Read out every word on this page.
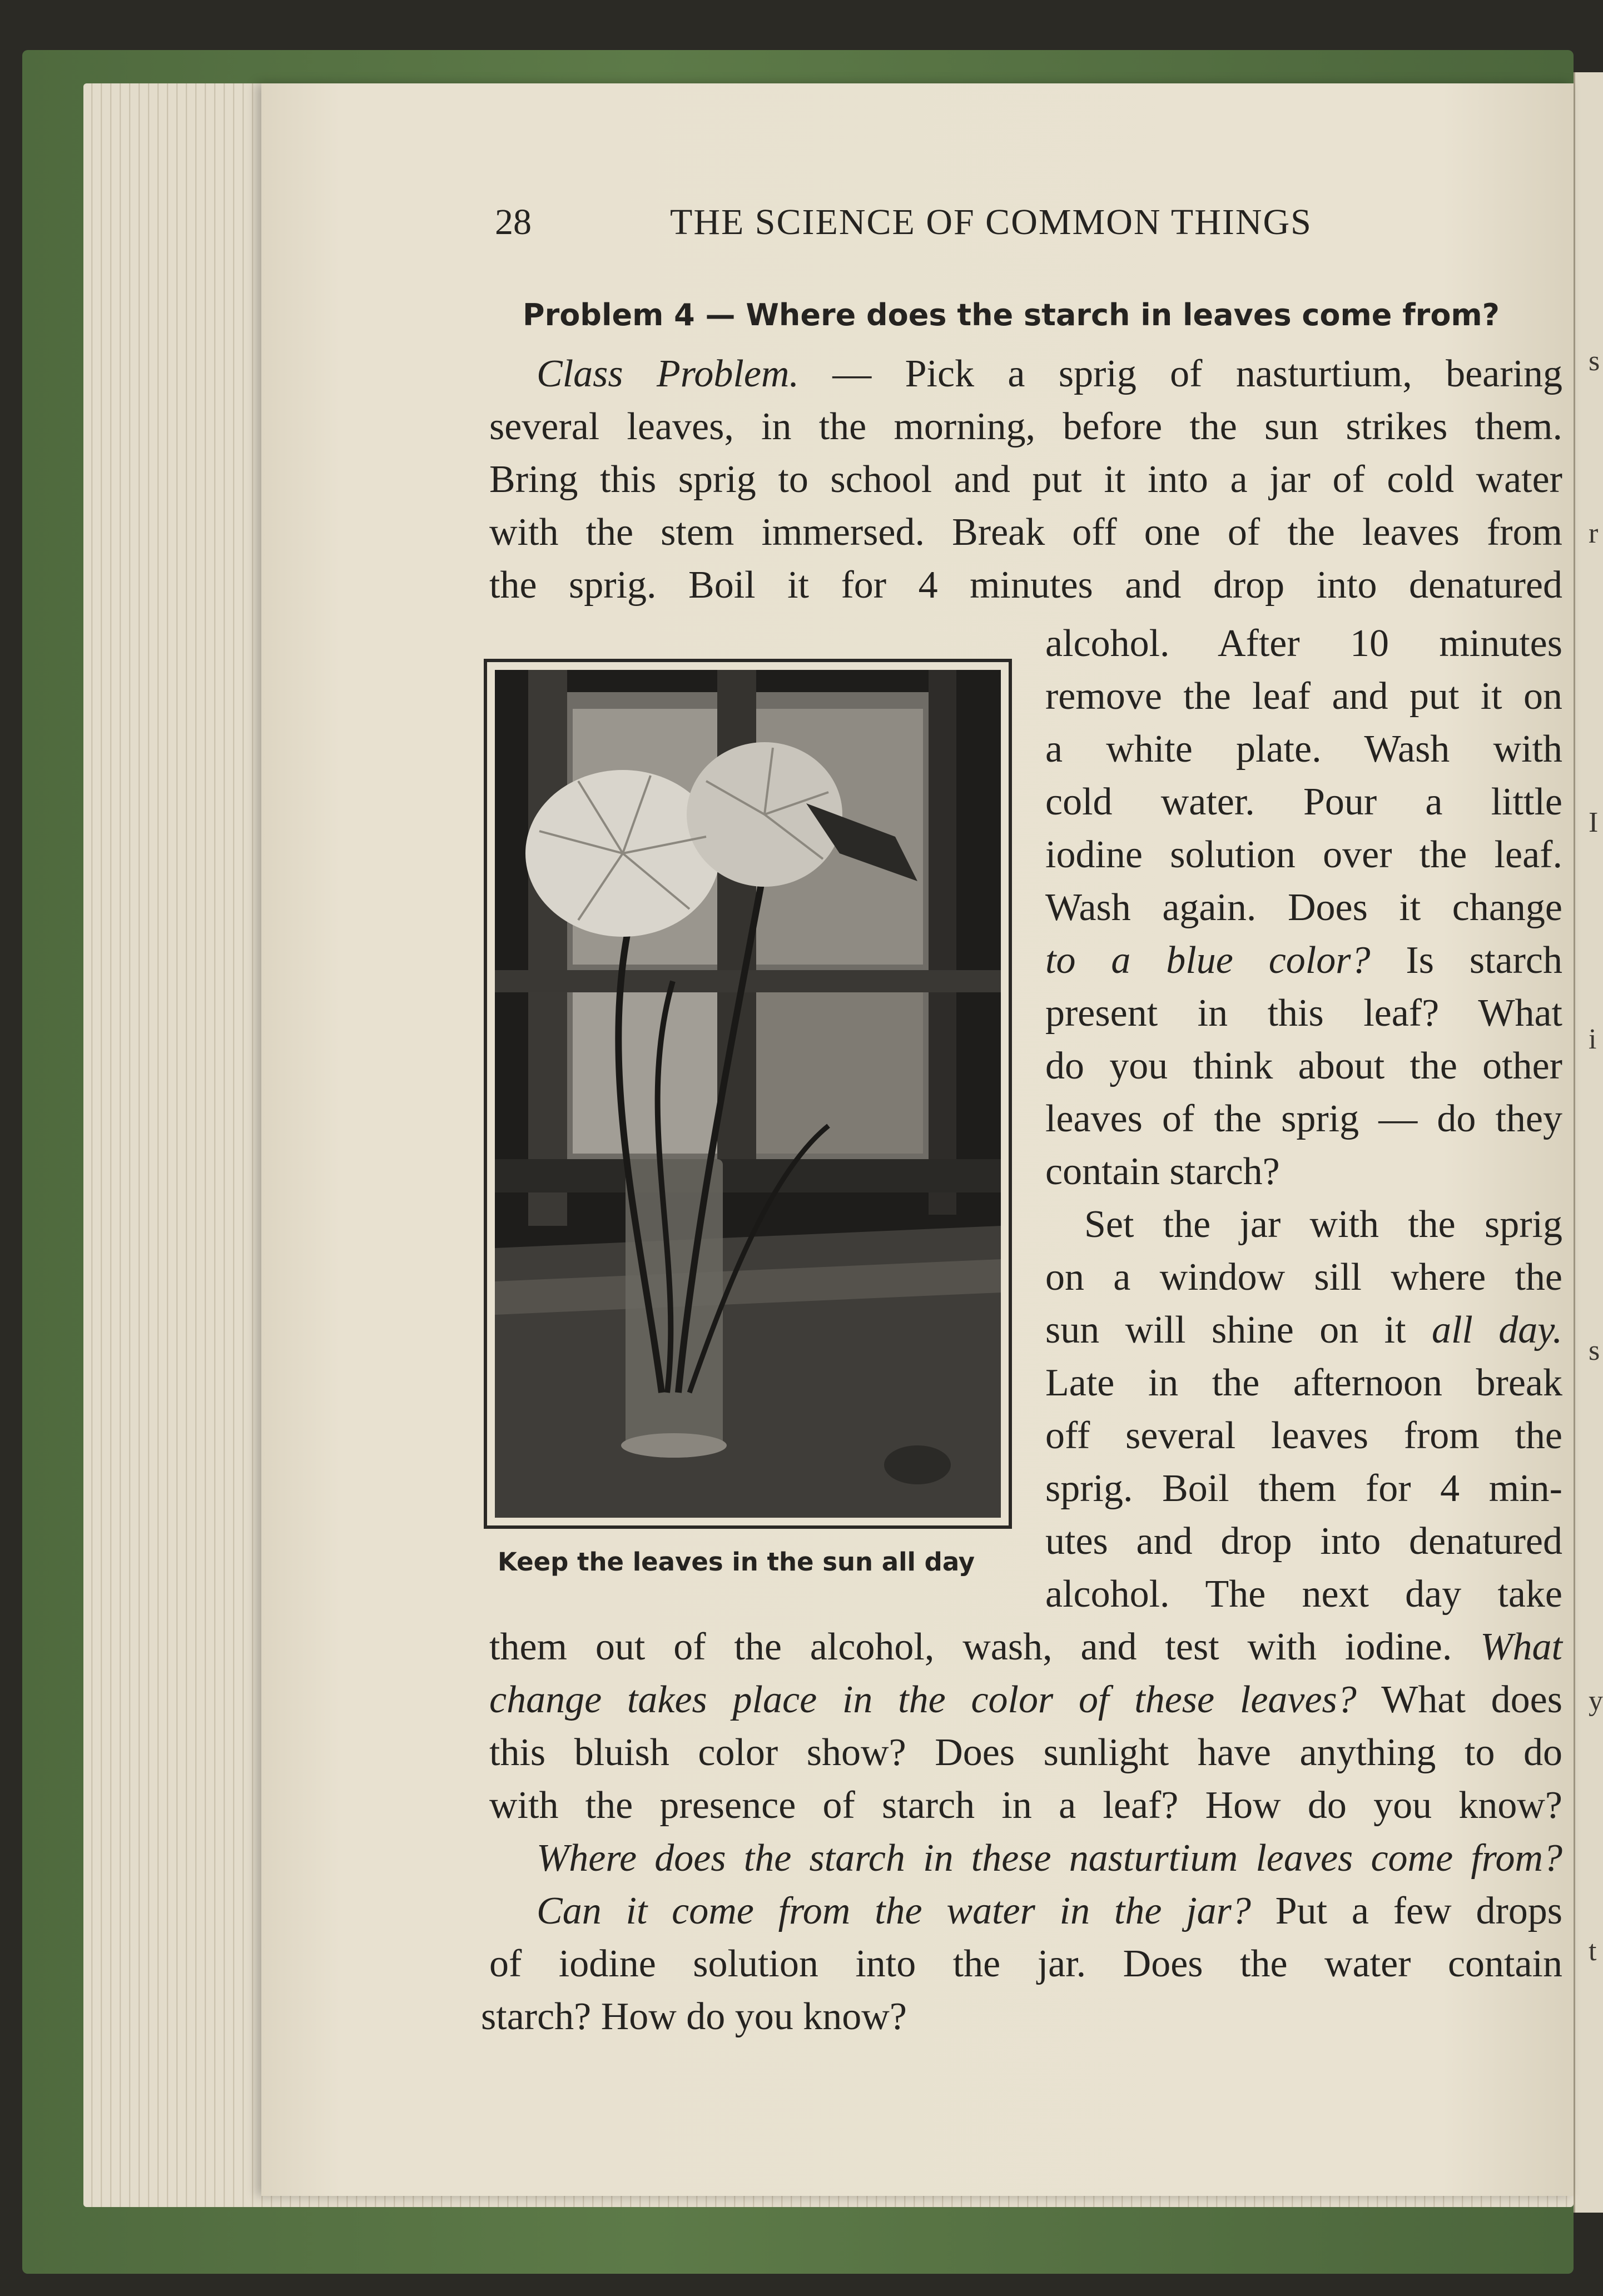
28	THE SCIENCE OF COMMON THINGS
Problem 4 — Where does the starch in leaves come from?
Class Problem. — Pick a sprig of nasturtium, bearing
several leaves, in the morning, before the sun strikes them.
Bring this sprig to school and put it into a jar of cold water
with the stem immersed. Break off one of the leaves from
the sprig. Boil it for 4 minutes and drop into denatured
alcohol. After 10 minutes
remove the leaf and put it on
a white plate. Wash with
cold water. Pour a little
iodine solution over the leaf.
Wash again. Does it change
to a blue color? Is starch
present in this leaf? What
do you think about the other
leaves of the sprig — do they
contain starch?
Set the jar with the sprig
on a window sill where the
sun will shine on it all day.
Late in the afternoon break
off several leaves from the
sprig. Boil them for 4 min-
utes and drop into denatured
alcohol. The next day take
them out of the alcohol, wash, and test with iodine. What
change takes place in the color of these leaves? What does
this bluish color show? Does sunlight have anything to do
with the presence of starch in a leaf? How do you know?
Where does the starch in these nasturtium leaves come from?
Can it come from the water in the jar? Put a few drops
of iodine solution into the jar. Does the water contain
starch? How do you know?
Keep the leaves in the sun all day
s
r
I
i
s
y
t
